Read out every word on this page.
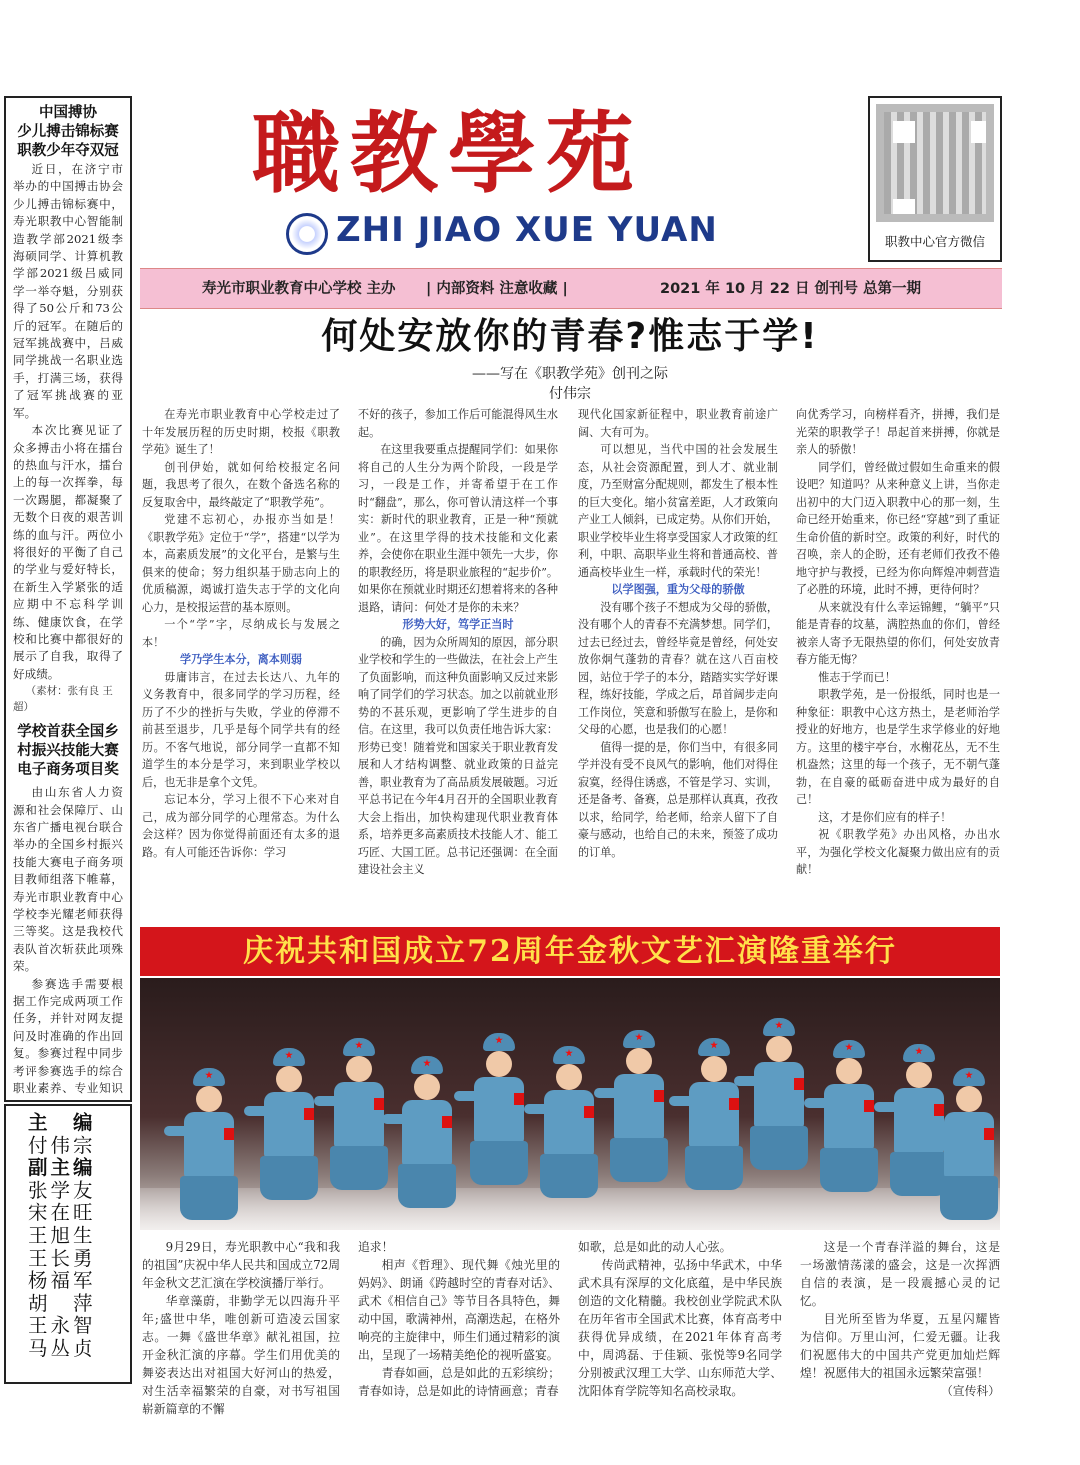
中国搏协
少儿搏击锦标赛
职教少年夺双冠

近日，在济宁市举办的中国搏击协会少儿搏击锦标赛中，寿光职教中心智能制造教学部2021级李海硕同学、计算机教学部2021级吕威同学一举夺魁，分别获得了50公斤和73公斤的冠军。在随后的冠军挑战赛中，吕威同学挑战一名职业选手，打满三场，获得了冠军挑战赛的亚军。

本次比赛见证了众多搏击小将在擂台的热血与汗水，擂台上的每一次挥拳，每一次踢腿，都凝聚了无数个日夜的艰苦训练的血与汗。两位小将很好的平衡了自己的学业与爱好特长，在新生入学紧张的适应期中不忘科学训练、健康饮食，在学校和比赛中都很好的展示了自我，取得了好成绩。

（素材：张有良 王超）

学校首获全国乡
村振兴技能大赛
电子商务项目奖

由山东省人力资源和社会保障厅、山东省广播电视台联合举办的全国乡村振兴技能大赛电子商务项目教师组落下帷幕，寿光市职业教育中心学校李光耀老师获得三等奖。这是我校代表队首次斩获此项殊荣。

参赛选手需要根据工作完成两项工作任务，并针对网友提问及时准确的作出回复。参赛过程中同步考评参赛选手的综合职业素养、专业知识

主　编
付伟宗
副主编
张学友
宋在旺
王旭生
王长勇
杨福军
胡　萍
王永智
马丛贞
職教學苑
ZHI JIAO XUE YUAN	职教中心官方微信
寿光市职业教育中心学校 主办 | 内部资料 注意收藏 |	2021 年 10 月 22 日 创刊号 总第一期
何处安放你的青春?惟志于学!
——写在《职教学苑》创刊之际
付伟宗

在寿光市职业教育中心学校走过了十年发展历程的历史时期，校报《职教学苑》诞生了！

创刊伊始，就如何给校报定名问题，我思考了很久，在数个备选名称的反复取舍中，最终敲定了“职教学苑”。

党建不忘初心，办报亦当如是！《职教学苑》定位于“学”，搭建“以学为本，高素质发展”的文化平台，是繁与生俱来的使命；努力组织基于励志向上的优质稿源，竭诚打造失志于学的文化向心力，是校报运营的基本原则。

一个“学”字，尽纳成长与发展之本！

学乃学生本分，离本则弱

毋庸讳言，在过去长达八、九年的义务教育中，很多同学的学习历程，经历了不少的挫折与失败，学业的停滞不前甚至退步，几乎是每个同学共有的经历。不客气地说，部分同学一直都不知道学生的本分是学习，来到职业学校以后，也无非是拿个文凭。

忘记本分，学习上很不下心来对自己，成为部分同学的心理常态。为什么会这样？因为你觉得前面还有太多的退路。有人可能还告诉你：学习

不好的孩子，参加工作后可能混得风生水起。

在这里我要重点提醒同学们：如果你将自己的人生分为两个阶段，一段是学习，一段是工作，并寄希望于在工作时“翻盘”，那么，你可曾认清这样一个事实：新时代的职业教育，正是一种“预就业”。在这里学得的技术技能和文化素养，会使你在职业生涯中领先一大步，你的职教经历，将是职业旅程的“起步价”。如果你在预就业时期还幻想着将来的各种退路，请问：何处才是你的未来？

形势大好，笃学正当时

的确，因为众所周知的原因，部分职业学校和学生的一些做法，在社会上产生了负面影响，而这种负面影响又反过来影响了同学们的学习状态。加之以前就业形势的不甚乐观，更影响了学生进步的自信。在这里，我可以负责任地告诉大家：形势已变！随着党和国家关于职业教育发展和人才结构调整、就业政策的日益完善，职业教育为了高品质发展破题。习近平总书记在今年4月召开的全国职业教育大会上指出，加快构建现代职业教育体系，培养更多高素质技术技能人才、能工巧匠、大国工匠。总书记还强调：在全面建设社会主义

现代化国家新征程中，职业教育前途广阔、大有可为。

可以想见，当代中国的社会发展生态，从社会资源配置，到人才、就业制度，乃至财富分配规则，都发生了根本性的巨大变化。缩小贫富差距，人才政策向产业工人倾斜，已成定势。从你们开始，职业学校毕业生将享受国家人才政策的红利，中职、高职毕业生将和普通高校、普通高校毕业生一样，承载时代的荣光！

以学图强，重为父母的骄傲

没有哪个孩子不想成为父母的骄傲，没有哪个人的青春不充满梦想。同学们，过去已经过去，曾经毕竟是曾经，何处安放你炯气蓬勃的青春？就在这八百亩校园，站位于学子的本分，踏踏实实学好课程，练好技能，学成之后，昂首阔步走向工作岗位，笑意和骄傲写在脸上，是你和父母的心愿，也是我们的心愿！

值得一提的是，你们当中，有很多同学并没有受不良风气的影响，他们对得住寂寞，经得住诱惑，不管是学习、实训，还是备考、备赛，总是那样认真真，孜孜以求，给同学，给老师，给亲人留下了自豪与感动，也给自己的未来，预签了成功的订单。

向优秀学习，向榜样看齐，拼搏，我们是光荣的职教学子！昂起首来拼搏，你就是亲人的骄傲！

同学们，曾经做过假如生命重来的假设吧？知道吗？从来种意义上讲，当你走出初中的大门迈入职教中心的那一刻，生命已经开始重来，你已经“穿越”到了重证生命价值的新时空。政策的利好，时代的召唤，亲人的企盼，还有老师们孜孜不倦地守护与教授，已经为你向辉煌冲刺营造了必胜的环境，此时不搏，更待何时？

从来就没有什么幸运锦鲤，“躺平”只能是青春的坟墓，满腔热血的你们，曾经被亲人寄予无限热望的你们，何处安放青春方能无悔？

惟志于学而已！

职教学苑，是一份报纸，同时也是一种象征：职教中心这方热土，是老师治学授业的好地方，也是学生求学修业的好地方。这里的楼宇亭台，水榭花丛，无不生机盎然；这里的每一个孩子，无不朝气蓬勃，在自豪的砥砺奋进中成为最好的自己！

这，才是你们应有的样子！

祝《职教学苑》办出风格，办出水平，为强化学校文化凝聚力做出应有的贡献！

庆祝共和国成立72周年金秋文艺汇演隆重举行

9月29日，寿光职教中心“我和我的祖国”庆祝中华人民共和国成立72周年金秋文艺汇演在学校演播厅举行。

华章藻蔚，非勤学无以四海升平年;盛世中华，唯创新可造凌云国家志。一舞《盛世华章》献礼祖国，拉开金秋汇演的序幕。学生们用优美的舞姿表达出对祖国大好河山的热爱，对生活幸福繁荣的自豪，对书写祖国崭新篇章的不懈

追求！

相声《哲理》、现代舞《烛光里的妈妈》、朗诵《跨越时空的青春对话》、武术《相信自己》等节目各具特色，舞动中国，歌满神州，高潮迭起，在格外响亮的主旋律中，师生们通过精彩的演出，呈现了一场精美绝伦的视听盛宴。

青春如画，总是如此的五彩缤纷；青春如诗，总是如此的诗情画意；青春

如歌，总是如此的动人心弦。

传尚武精神，弘扬中华武术，中华武术具有深厚的文化底蕴，是中华民族创造的文化精髓。我校创业学院武术队在历年省市全国武术比赛，体育高考中获得优异成绩，在2021年体育高考中，周鸿磊、于佳颖、张悦等9名同学分别被武汉理工大学、山东师范大学、沈阳体育学院等知名高校录取。

这是一个青春洋溢的舞台，这是一场激情荡漾的盛会，这是一次挥洒自信的表演，是一段震撼心灵的记忆。

目光所至皆为华夏，五星闪耀皆为信仰。万里山河，仁爱无疆。让我们祝愿伟大的中国共产党更加灿烂辉煌！祝愿伟大的祖国永远繁荣富强！

（宣传科）
